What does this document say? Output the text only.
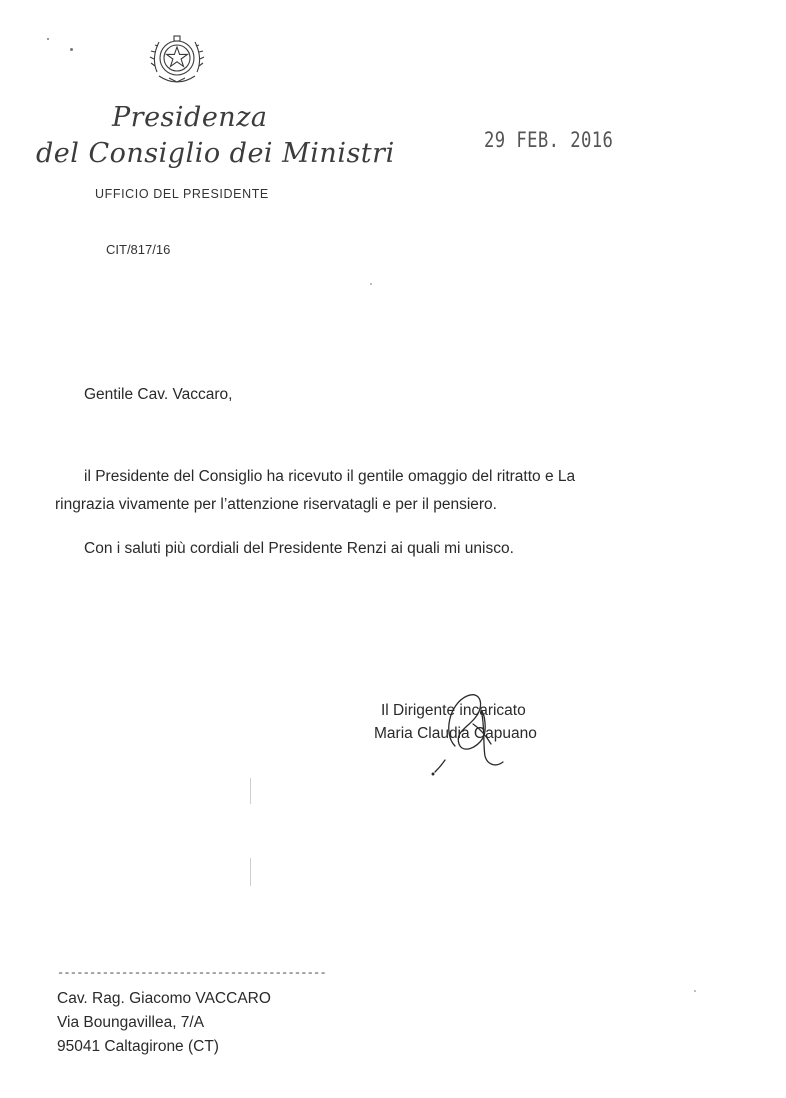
Presidenza
del Consiglio dei Ministri
UFFICIO DEL PRESIDENTE
29 FEB. 2016
CIT/817/16
Gentile Cav. Vaccaro,
il Presidente del Consiglio ha ricevuto il gentile omaggio del ritratto e La
ringrazia vivamente per l’attenzione riservatagli e per il pensiero.
Con i saluti più cordiali del Presidente Renzi ai quali mi unisco.
Il Dirigente incaricato
Maria Claudia Capuano
------------------------------------------
Cav. Rag. Giacomo VACCARO
Via Boungavillea, 7/A
95041 Caltagirone (CT)
